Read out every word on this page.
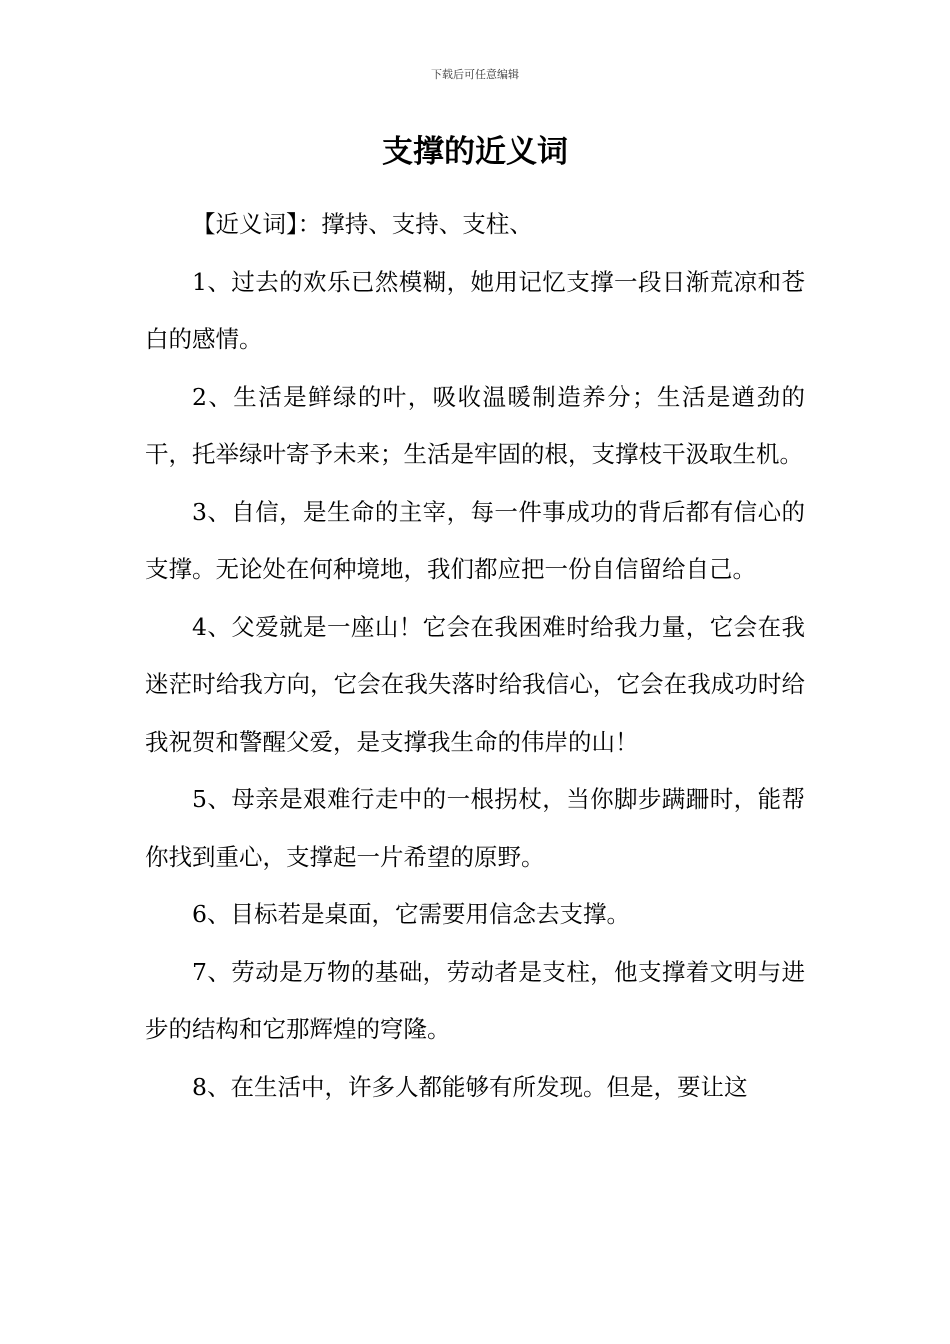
下载后可任意编辑
支撑的近义词

【近义词】：撑持、支持、支柱、

1、过去的欢乐已然模糊，她用记忆支撑一段日渐荒凉和苍白的感情。

2、生活是鲜绿的叶，吸收温暖制造养分；生活是遒劲的干，托举绿叶寄予未来；生活是牢固的根，支撑枝干汲取生机。

3、自信，是生命的主宰，每一件事成功的背后都有信心的支撑。无论处在何种境地，我们都应把一份自信留给自己。

4、父爱就是一座山！它会在我困难时给我力量，它会在我迷茫时给我方向，它会在我失落时给我信心，它会在我成功时给我祝贺和警醒父爱，是支撑我生命的伟岸的山！

5、母亲是艰难行走中的一根拐杖，当你脚步蹒跚时，能帮你找到重心，支撑起一片希望的原野。

6、目标若是桌面，它需要用信念去支撑。

7、劳动是万物的基础，劳动者是支柱，他支撑着文明与进步的结构和它那辉煌的穹隆。

8、在生活中，许多人都能够有所发现。但是，要让这
